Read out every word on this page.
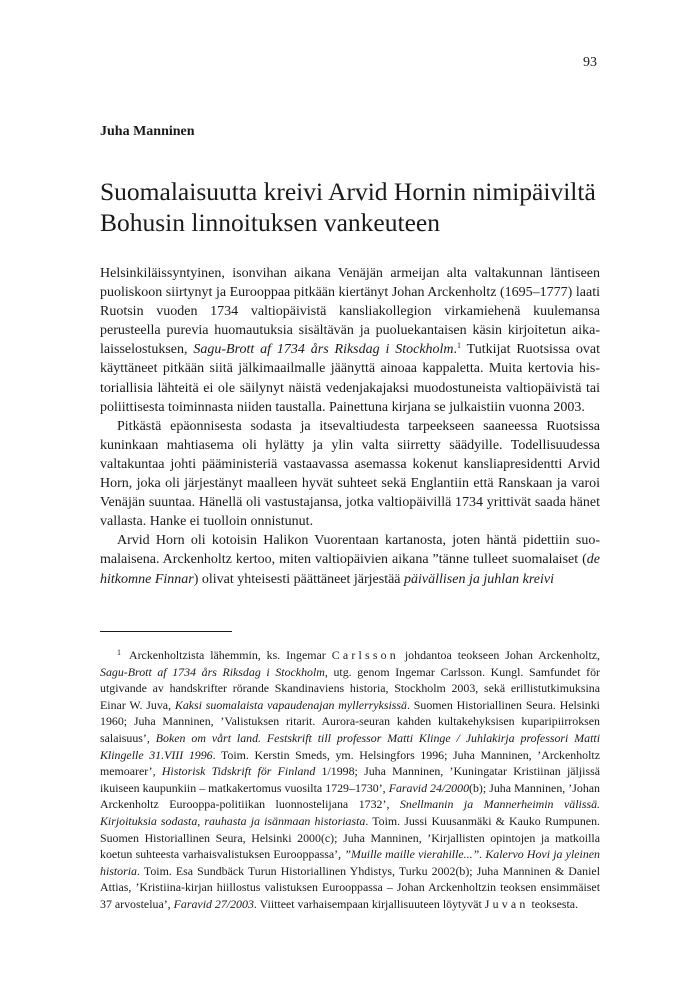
93
Juha Manninen
Suomalaisuutta kreivi Arvid Hornin nimipäiviltä
Bohusin linnoituksen vankeuteen

Helsinkiläissyntyinen, isonvihan aikana Venäjän armeijan alta valtakunnan läntiseen puoliskoon siirtynyt ja Eurooppaa pitkään kiertänyt Johan Arckenholtz (1695–1777) laati Ruotsin vuoden 1734 valtiopäivistä kansliakollegion virkamiehenä kuulemansa perusteella purevia huomautuksia sisältävän ja puoluekantaisen käsin kirjoitetun aikalaisselostuksen, Sagu-Brott af 1734 års Riksdag i Stockholm.$^1$ Tutkijat Ruotsissa ovat käyttäneet pitkään siitä jälkimaailmalle jäänyttä ainoaa kappaletta. Muita kertovia historiallisia lähteitä ei ole säilynyt näistä vedenjakajaksi muodostuneista valtiopäivistä tai poliittisesta toiminnasta niiden taustalla. Painettuna kirjana se julkaistiin vuonna 2003.

Pitkästä epäonnisesta sodasta ja itsevaltiudesta tarpeekseen saaneessa Ruotsissa kuninkaan mahtiasema oli hylätty ja ylin valta siirretty säädyille. Todellisuudessa valtakuntaa johti pääministeriä vastaavassa asemassa kokenut kansliapresidentti Arvid Horn, joka oli järjestänyt maalleen hyvät suhteet sekä Englantiin että Ranskaan ja varoi Venäjän suuntaa. Hänellä oli vastustajansa, jotka valtiopäivillä 1734 yrittivät saada hänet vallasta. Hanke ei tuolloin onnistunut.

Arvid Horn oli kotoisin Halikon Vuorentaan kartanosta, joten häntä pidettiin suomalaisena. Arckenholtz kertoo, miten valtiopäivien aikana ”tänne tulleet suomalaiset (de hitkomne Finnar) olivat yhteisesti päättäneet järjestää päivällisen ja juhlan kreivi

$^1$ Arckenholtzista lähemmin, ks. Ingemar Carlsson johdantoa teokseen Johan Arckenholtz, Sagu-Brott af 1734 års Riksdag i Stockholm, utg. genom Ingemar Carlsson. Kungl. Samfundet för utgivande av handskrifter rörande Skandinaviens historia, Stockholm 2003, sekä erillistutkimuksina Einar W. Juva, Kaksi suomalaista vapaudenajan myllerryksissä. Suomen Historiallinen Seura. Helsinki 1960; Juha Manninen, ’Valistuksen ritarit. Aurora-seuran kahden kultakehyksisen kuparipiirroksen salaisuus’, Boken om vårt land. Festskrift till professor Matti Klinge / Juhlakirja professori Matti Klingelle 31.VIII 1996. Toim. Kerstin Smeds, ym. Helsingfors 1996; Juha Manninen, ’Arckenholtz memoarer’, Historisk Tidskrift för Finland 1/1998; Juha Manninen, ’Kuningatar Kristiinan jäljissä ikuiseen kaupunkiin – matkakertomus vuosilta 1729–1730’, Faravid 24/2000(b); Juha Manninen, ’Johan Arckenholtz Eurooppa-politiikan luonnostelijana 1732’, Snellmanin ja Mannerheimin välissä. Kirjoituksia sodasta, rauhasta ja isänmaan historiasta. Toim. Jussi Kuusanmäki & Kauko Rumpunen. Suomen Historiallinen Seura, Helsinki 2000(c); Juha Manninen, ’Kirjallisten opintojen ja matkoilla koetun suhteesta varhaisvalistuksen Eurooppassa’, ”Muille maille vierahille...”. Kalervo Hovi ja yleinen historia. Toim. Esa Sundbäck Turun Historiallinen Yhdistys, Turku 2002(b); Juha Manninen & Daniel Attias, ’Kristiina-kirjan hiillostus valistuksen Eurooppassa – Johan Arckenholtzin teoksen ensimmäiset 37 arvostelua’, Faravid 27/2003. Viitteet varhaisempaan kirjallisuuteen löytyvät Juvan teoksesta.
